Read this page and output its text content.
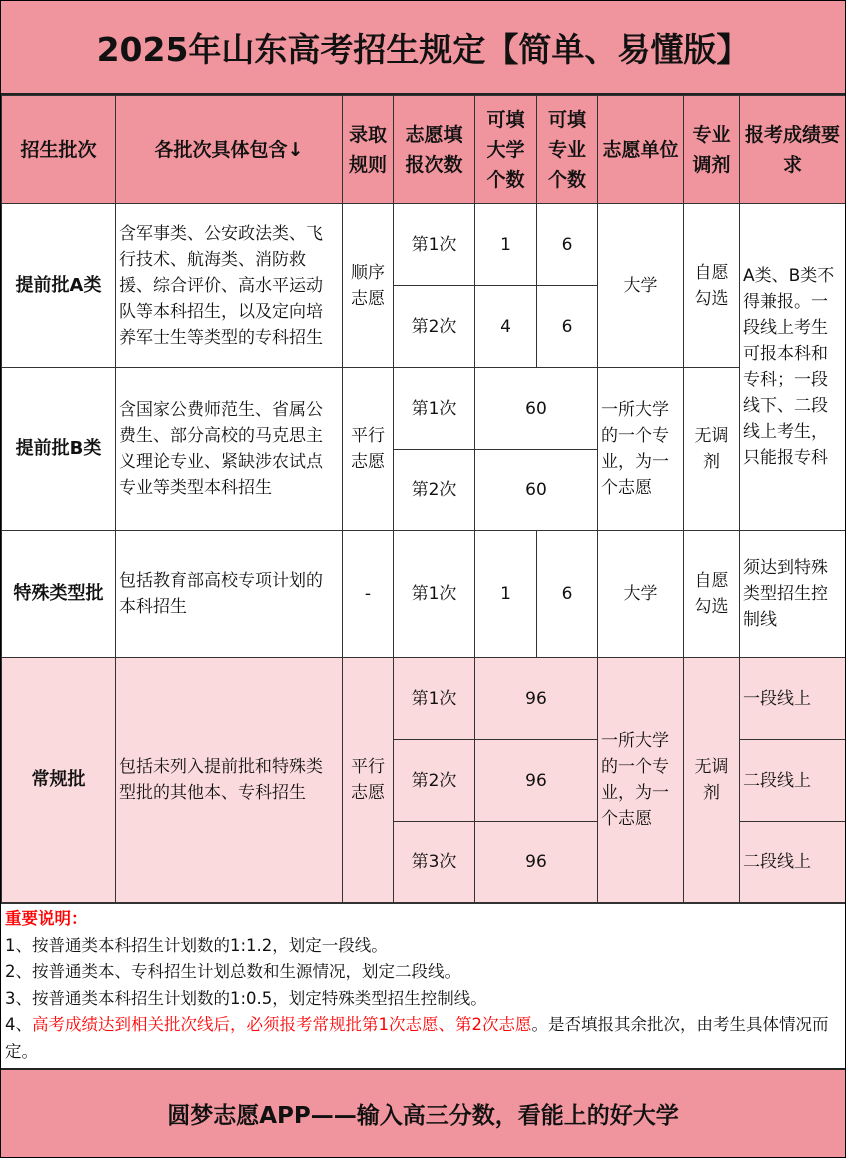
2025年山东高考招生规定【简单、易懂版】
招生批次	各批次具体包含↓	录取规则	志愿填报次数	可填大学个数	可填专业个数	志愿单位	专业调剂	报考成绩要求
提前批A类	含军事类、公安政法类、飞行技术、航海类、消防救援、综合评价、高水平运动队等本科招生，以及定向培养军士生等类型的专科招生	顺序志愿	第1次	1	6	大学	自愿勾选	A类、B类不得兼报。一段线上考生可报本科和专科；一段线下、二段线上考生，只能报专科
			第2次	4	6			
提前批B类	含国家公费师范生、省属公费生、部分高校的马克思主义理论专业、紧缺涉农试点专业等类型本科招生	平行志愿	第1次	60		一所大学的一个专业，为一个志愿	无调剂	
			第2次	60				
特殊类型批	包括教育部高校专项计划的本科招生	-	第1次	1	6	大学	自愿勾选	须达到特殊类型招生控制线
常规批	包括未列入提前批和特殊类型批的其他本、专科招生	平行志愿	第1次	96		一所大学的一个专业，为一个志愿	无调剂	一段线上
			第2次	96				二段线上
			第3次	96				二段线上
重要说明：
1、按普通类本科招生计划数的1:1.2，划定一段线。
2、按普通类本、专科招生计划总数和生源情况，划定二段线。
3、按普通类本科招生计划数的1:0.5，划定特殊类型招生控制线。
4、高考成绩达到相关批次线后，必须报考常规批第1次志愿、第2次志愿。是否填报其余批次，由考生具体情况而定。
圆梦志愿APP——输入高三分数，看能上的好大学
